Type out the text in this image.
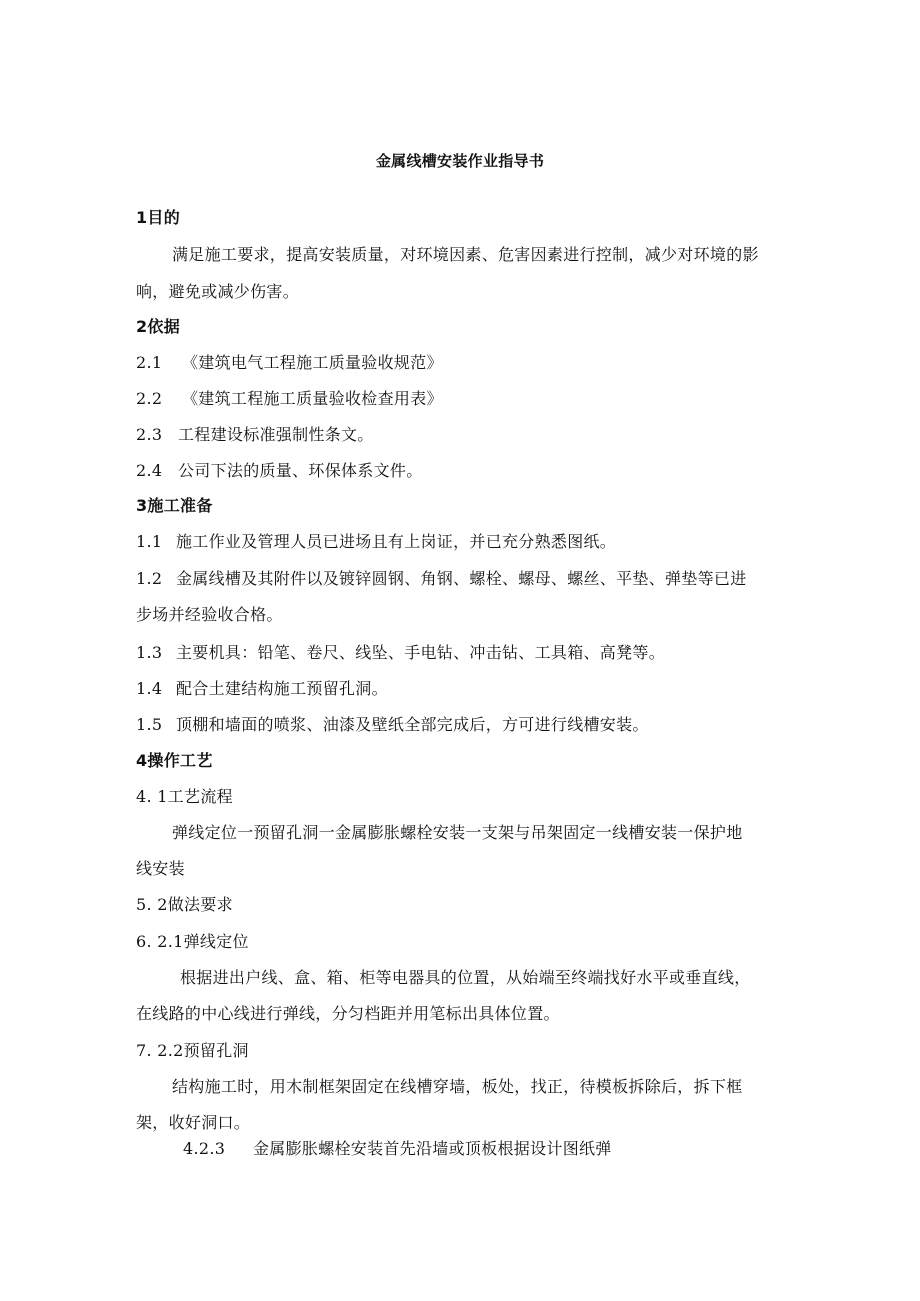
金属线槽安装作业指导书
1目的
满足施工要求，提高安装质量，对环境因素、危害因素进行控制，减少对环境的影
响，避免或减少伤害。
2依据
2.1 《建筑电气工程施工质量验收规范》
2.2 《建筑工程施工质量验收检查用表》
2.3 工程建设标准强制性条文。
2.4 公司下法的质量、环保体系文件。
3施工准备
1.1 施工作业及管理人员已进场且有上岗证，并已充分熟悉图纸。
1.2 金属线槽及其附件以及镀锌圆钢、角钢、螺栓、螺母、螺丝、平垫、弹垫等已进
步场并经验收合格。
1.3 主要机具：铅笔、卷尺、线坠、手电钻、冲击钻、工具箱、高凳等。
1.4 配合土建结构施工预留孔洞。
1.5 顶棚和墙面的喷浆、油漆及壁纸全部完成后，方可进行线槽安装。
4操作工艺
4. 1工艺流程
弹线定位一预留孔洞一金属膨胀螺栓安装一支架与吊架固定一线槽安装一保护地
线安装
5. 2做法要求
6. 2.1弹线定位
根据进出户线、盒、箱、柜等电器具的位置，从始端至终端找好水平或垂直线，
在线路的中心线进行弹线，分匀档距并用笔标出具体位置。
7. 2.2预留孔洞
结构施工时，用木制框架固定在线槽穿墙，板处，找正，待模板拆除后，拆下框
架，收好洞口。
4.2.3 金属膨胀螺栓安装首先沿墙或顶板根据设计图纸弹
